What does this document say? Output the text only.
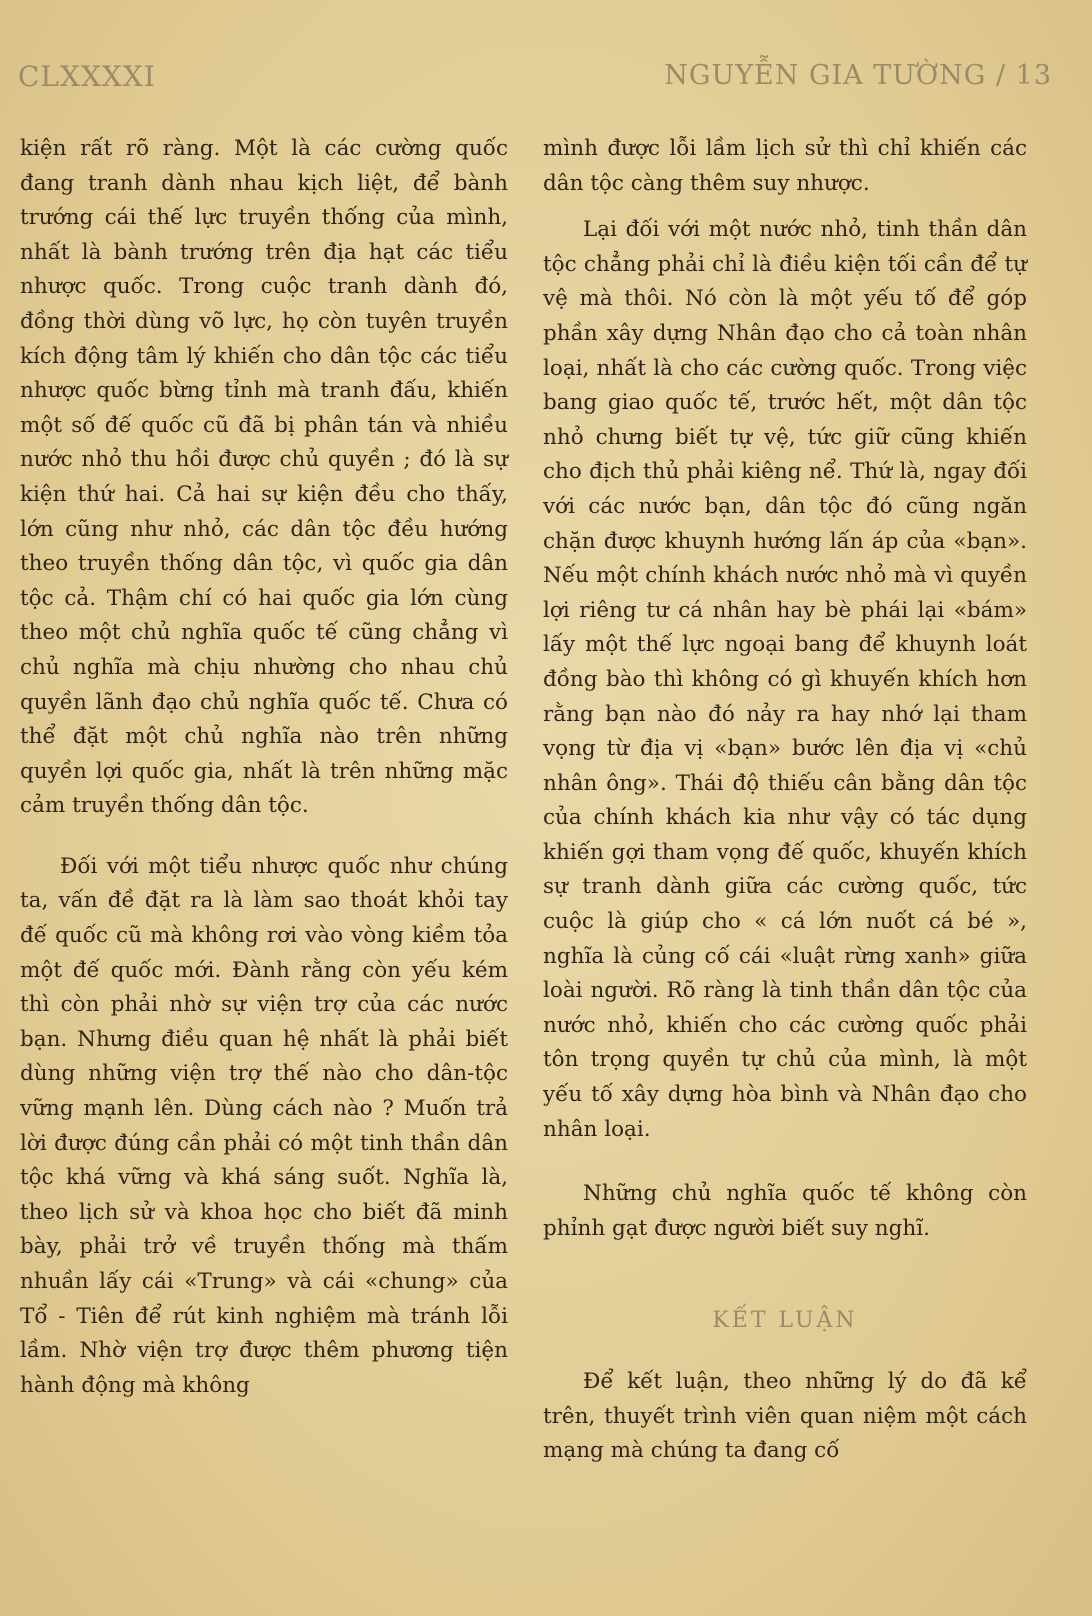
CLXXXXI	NGUYỄN GIA TƯỜNG / 13

kiện rất rõ ràng. Một là các cường quốc đang tranh dành nhau kịch liệt, để bành trướng cái thế lực truyền thống của mình, nhất là bành trướng trên địa hạt các tiểu nhược quốc. Trong cuộc tranh dành đó, đồng thời dùng võ lực, họ còn tuyên truyền kích động tâm lý khiến cho dân tộc các tiểu nhược quốc bừng tỉnh mà tranh đấu, khiến một số đế quốc cũ đã bị phân tán và nhiều nước nhỏ thu hồi được chủ quyền ; đó là sự kiện thứ hai. Cả hai sự kiện đều cho thấy, lớn cũng như nhỏ, các dân tộc đều hướng theo truyền thống dân tộc, vì quốc gia dân tộc cả. Thậm chí có hai quốc gia lớn cùng theo một chủ nghĩa quốc tế cũng chẳng vì chủ nghĩa mà chịu nhường cho nhau chủ quyền lãnh đạo chủ nghĩa quốc tế. Chưa có thể đặt một chủ nghĩa nào trên những quyền lợi quốc gia, nhất là trên những mặc cảm truyền thống dân tộc.

Đối với một tiểu nhược quốc như chúng ta, vấn đề đặt ra là làm sao thoát khỏi tay đế quốc cũ mà không rơi vào vòng kiềm tỏa một đế quốc mới. Đành rằng còn yếu kém thì còn phải nhờ sự viện trợ của các nước bạn. Nhưng điều quan hệ nhất là phải biết dùng những viện trợ thế nào cho dân-tộc vững mạnh lên. Dùng cách nào ? Muốn trả lời được đúng cần phải có một tinh thần dân tộc khá vững và khá sáng suốt. Nghĩa là, theo lịch sử và khoa học cho biết đã minh bày, phải trở về truyền thống mà thấm nhuần lấy cái «Trung» và cái «chung» của Tổ - Tiên để rút kinh nghiệm mà tránh lỗi lầm. Nhờ viện trợ được thêm phương tiện hành động mà không

mình được lỗi lầm lịch sử thì chỉ khiến các dân tộc càng thêm suy nhược.

Lại đối với một nước nhỏ, tinh thần dân tộc chẳng phải chỉ là điều kiện tối cần để tự vệ mà thôi. Nó còn là một yếu tố để góp phần xây dựng Nhân đạo cho cả toàn nhân loại, nhất là cho các cường quốc. Trong việc bang giao quốc tế, trước hết, một dân tộc nhỏ chưng biết tự vệ, tức giữ cũng khiến cho địch thủ phải kiêng nể. Thứ là, ngay đối với các nước bạn, dân tộc đó cũng ngăn chặn được khuynh hướng lấn áp của «bạn». Nếu một chính khách nước nhỏ mà vì quyền lợi riêng tư cá nhân hay bè phái lại «bám» lấy một thế lực ngoại bang để khuynh loát đồng bào thì không có gì khuyến khích hơn rằng bạn nào đó nảy ra hay nhớ lại tham vọng từ địa vị «bạn» bước lên địa vị «chủ nhân ông». Thái độ thiếu cân bằng dân tộc của chính khách kia như vậy có tác dụng khiến gợi tham vọng đế quốc, khuyến khích sự tranh dành giữa các cường quốc, tức cuộc là giúp cho « cá lớn nuốt cá bé », nghĩa là củng cố cái «luật rừng xanh» giữa loài người. Rõ ràng là tinh thần dân tộc của nước nhỏ, khiến cho các cường quốc phải tôn trọng quyền tự chủ của mình, là một yếu tố xây dựng hòa bình và Nhân đạo cho nhân loại.

Những chủ nghĩa quốc tế không còn phỉnh gạt được người biết suy nghĩ.

KẾT LUẬN

Để kết luận, theo những lý do đã kể trên, thuyết trình viên quan niệm một cách mạng mà chúng ta đang cố
